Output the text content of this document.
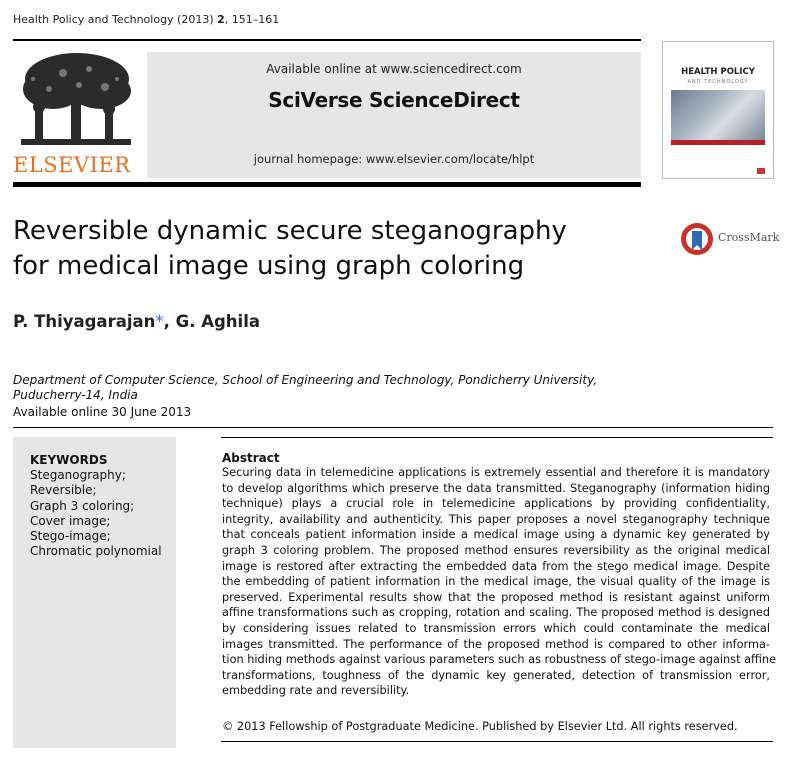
Health Policy and Technology (2013) 2, 151–161
ELSEVIER
Available online at www.sciencedirect.com
SciVerse ScienceDirect
journal homepage: www.elsevier.com/locate/hlpt
HEALTH POLICY
AND TECHNOLOGY
Reversible dynamic secure steganography
for medical image using graph coloring
CrossMark
P. Thiyagarajan*, G. Aghila
Department of Computer Science, School of Engineering and Technology, Pondicherry University,
Puducherry-14, India
Available online 30 June 2013
KEYWORDS
Steganography;
Reversible;
Graph 3 coloring;
Cover image;
Stego-image;
Chromatic polynomial
Abstract
Securing data in telemedicine applications is extremely essential and therefore it is mandatory
to develop algorithms which preserve the data transmitted. Steganography (information hiding
technique) plays a crucial role in telemedicine applications by providing confidentiality,
integrity, availability and authenticity. This paper proposes a novel steganography technique
that conceals patient information inside a medical image using a dynamic key generated by
graph 3 coloring problem. The proposed method ensures reversibility as the original medical
image is restored after extracting the embedded data from the stego medical image. Despite
the embedding of patient information in the medical image, the visual quality of the image is
preserved. Experimental results show that the proposed method is resistant against uniform
affine transformations such as cropping, rotation and scaling. The proposed method is designed
by considering issues related to transmission errors which could contaminate the medical
images transmitted. The performance of the proposed method is compared to other informa-
tion hiding methods against various parameters such as robustness of stego-image against affine
transformations, toughness of the dynamic key generated, detection of transmission error,
embedding rate and reversibility.
© 2013 Fellowship of Postgraduate Medicine. Published by Elsevier Ltd. All rights reserved.
